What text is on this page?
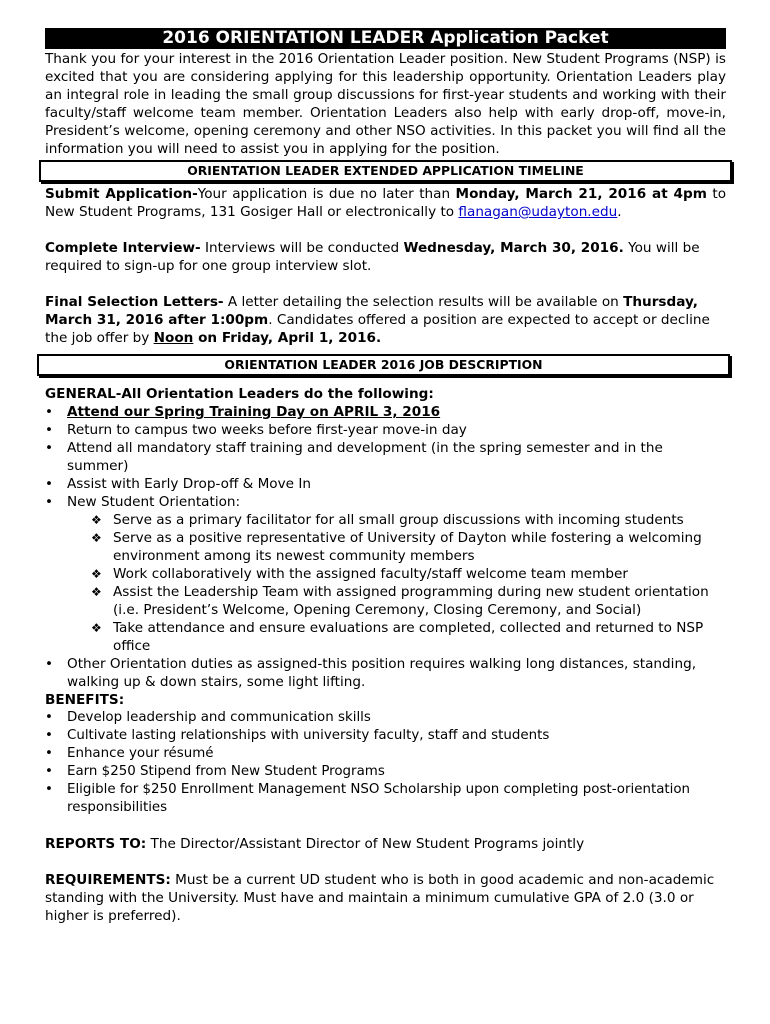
2016 ORIENTATION LEADER Application Packet

Thank you for your interest in the 2016 Orientation Leader position. New Student Programs (NSP) is excited that you are considering applying for this leadership opportunity. Orientation Leaders play an integral role in leading the small group discussions for first-year students and working with their faculty/staff welcome team member. Orientation Leaders also help with early drop-off, move-in, President’s welcome, opening ceremony and other NSO activities. In this packet you will find all the information you will need to assist you in applying for the position.

ORIENTATION LEADER EXTENDED APPLICATION TIMELINE

Submit Application-Your application is due no later than Monday, March 21, 2016 at 4pm to New Student Programs, 131 Gosiger Hall or electronically to flanagan@udayton.edu.

Complete Interview- Interviews will be conducted Wednesday, March 30, 2016. You will be required to sign-up for one group interview slot.

Final Selection Letters- A letter detailing the selection results will be available on Thursday, March 31, 2016 after 1:00pm. Candidates offered a position are expected to accept or decline the job offer by Noon on Friday, April 1, 2016.

ORIENTATION LEADER 2016 JOB DESCRIPTION

GENERAL-All Orientation Leaders do the following:

•	Attend our Spring Training Day on APRIL 3, 2016
•	Return to campus two weeks before first-year move-in day
•	Attend all mandatory staff training and development (in the spring semester and in the summer)
•	Assist with Early Drop-off & Move In
•	New Student Orientation:
❖ Serve as a primary facilitator for all small group discussions with incoming students
❖ Serve as a positive representative of University of Dayton while fostering a welcoming environment among its newest community members
❖ Work collaboratively with the assigned faculty/staff welcome team member
❖ Assist the Leadership Team with assigned programming during new student orientation (i.e. President’s Welcome, Opening Ceremony, Closing Ceremony, and Social)
❖ Take attendance and ensure evaluations are completed, collected and returned to NSP office
•	Other Orientation duties as assigned-this position requires walking long distances, standing, walking up & down stairs, some light lifting.

BENEFITS:

•	Develop leadership and communication skills
•	Cultivate lasting relationships with university faculty, staff and students
•	Enhance your résumé
•	Earn $250 Stipend from New Student Programs
•	Eligible for $250 Enrollment Management NSO Scholarship upon completing post-orientation responsibilities

REPORTS TO: The Director/Assistant Director of New Student Programs jointly

REQUIREMENTS: Must be a current UD student who is both in good academic and non-academic standing with the University. Must have and maintain a minimum cumulative GPA of 2.0 (3.0 or higher is preferred).
